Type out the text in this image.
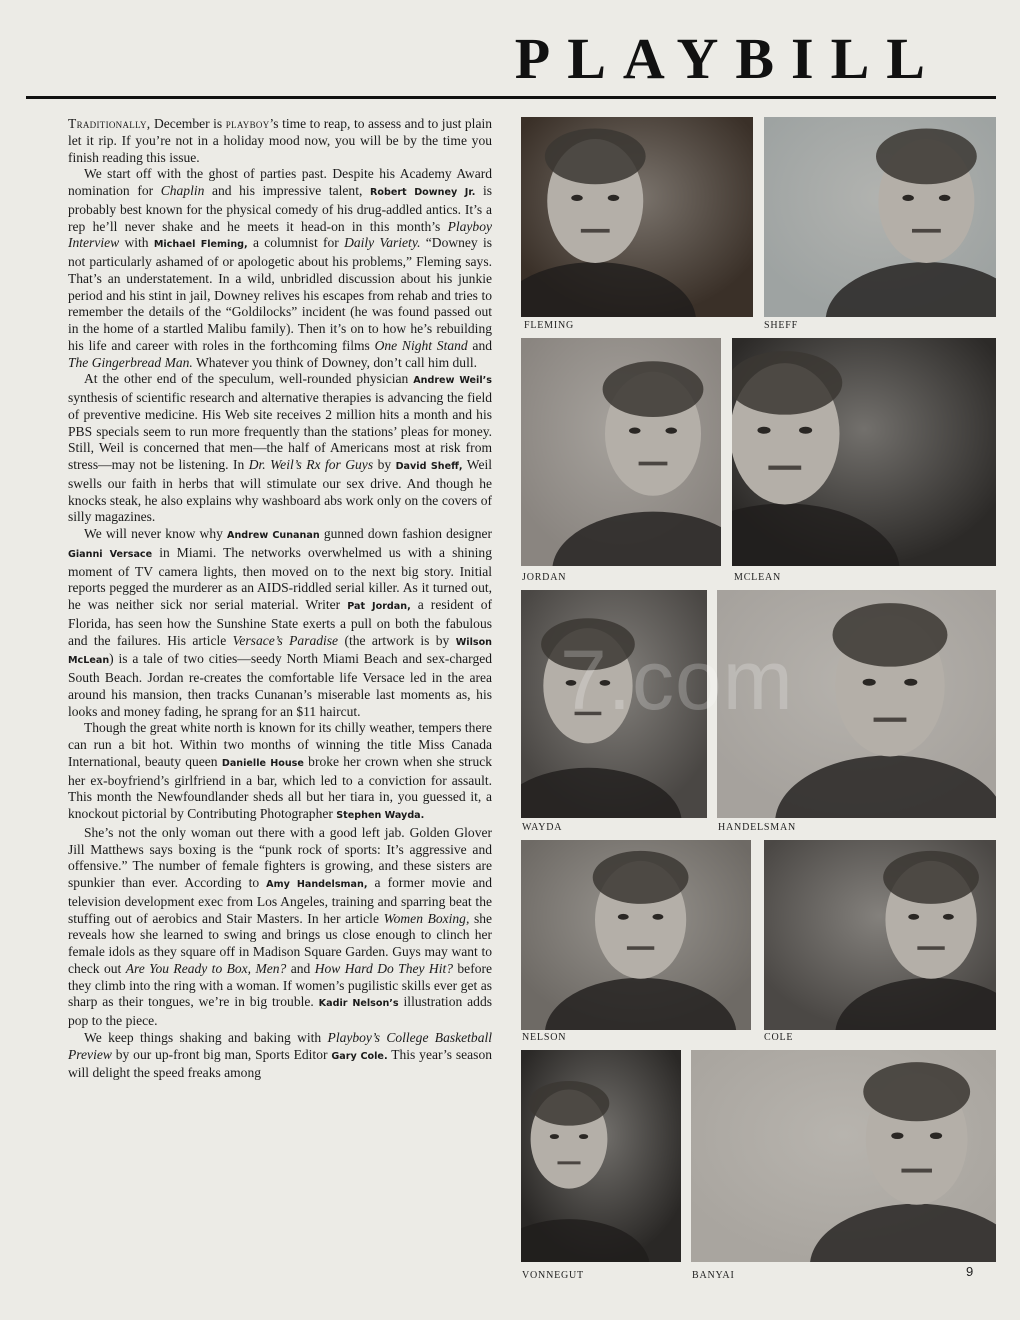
PLAYBILL

Traditionally, December is playboy’s time to reap, to assess and to just plain let it rip. If you’re not in a holiday mood now, you will be by the time you finish reading this issue.

We start off with the ghost of parties past. Despite his Academy Award nomination for Chaplin and his impressive talent, Robert Downey Jr. is probably best known for the physical comedy of his drug-addled antics. It’s a rep he’ll never shake and he meets it head-on in this month’s Playboy Interview with Michael Fleming, a columnist for Daily Variety. “Downey is not particularly ashamed of or apologetic about his problems,” Fleming says. That’s an understatement. In a wild, unbridled discussion about his junkie period and his stint in jail, Downey relives his escapes from rehab and tries to remember the details of the “Goldilocks” incident (he was found passed out in the home of a startled Malibu family). Then it’s on to how he’s rebuilding his life and career with roles in the forthcoming films One Night Stand and The Gingerbread Man. Whatever you think of Downey, don’t call him dull.

At the other end of the speculum, well-rounded physician Andrew Weil’s synthesis of scientific research and alternative therapies is advancing the field of preventive medicine. His Web site receives 2 million hits a month and his PBS specials seem to run more frequently than the stations’ pleas for money. Still, Weil is concerned that men—the half of Americans most at risk from stress—may not be listening. In Dr. Weil’s Rx for Guys by David Sheff, Weil swells our faith in herbs that will stimulate our sex drive. And though he knocks steak, he also explains why washboard abs work only on the covers of silly magazines.

We will never know why Andrew Cunanan gunned down fashion designer Gianni Versace in Miami. The networks overwhelmed us with a shining moment of TV camera lights, then moved on to the next big story. Initial reports pegged the murderer as an AIDS-riddled serial killer. As it turned out, he was neither sick nor serial material. Writer Pat Jordan, a resident of Florida, has seen how the Sunshine State exerts a pull on both the fabulous and the failures. His article Versace’s Paradise (the artwork is by Wilson McLean) is a tale of two cities—seedy North Miami Beach and sex-charged South Beach. Jordan re-creates the comfortable life Versace led in the area around his mansion, then tracks Cunanan’s miserable last moments as, his looks and money fading, he sprang for an $11 haircut.

Though the great white north is known for its chilly weather, tempers there can run a bit hot. Within two months of winning the title Miss Canada International, beauty queen Danielle House broke her crown when she struck her ex-boyfriend’s girlfriend in a bar, which led to a conviction for assault. This month the Newfoundlander sheds all but her tiara in, you guessed it, a knockout pictorial by Contributing Photographer Stephen Wayda.

She’s not the only woman out there with a good left jab. Golden Glover Jill Matthews says boxing is the “punk rock of sports: It’s aggressive and offensive.” The number of female fighters is growing, and these sisters are spunkier than ever. According to Amy Handelsman, a former movie and television development exec from Los Angeles, training and sparring beat the stuffing out of aerobics and Stair Masters. In her article Women Boxing, she reveals how she learned to swing and brings us close enough to clinch her female idols as they square off in Madison Square Garden. Guys may want to check out Are You Ready to Box, Men? and How Hard Do They Hit? before they climb into the ring with a woman. If women’s pugilistic skills ever get as sharp as their tongues, we’re in big trouble. Kadir Nelson’s illustration adds pop to the piece.

We keep things shaking and baking with Playboy’s College Basketball Preview by our up-front big man, Sports Editor Gary Cole. This year’s season will delight the speed freaks among

FLEMING	SHEFF
JORDAN	MCLEAN
WAYDA	HANDELSMAN
NELSON	COLE
VONNEGUT	BANYAI
7.com
9
